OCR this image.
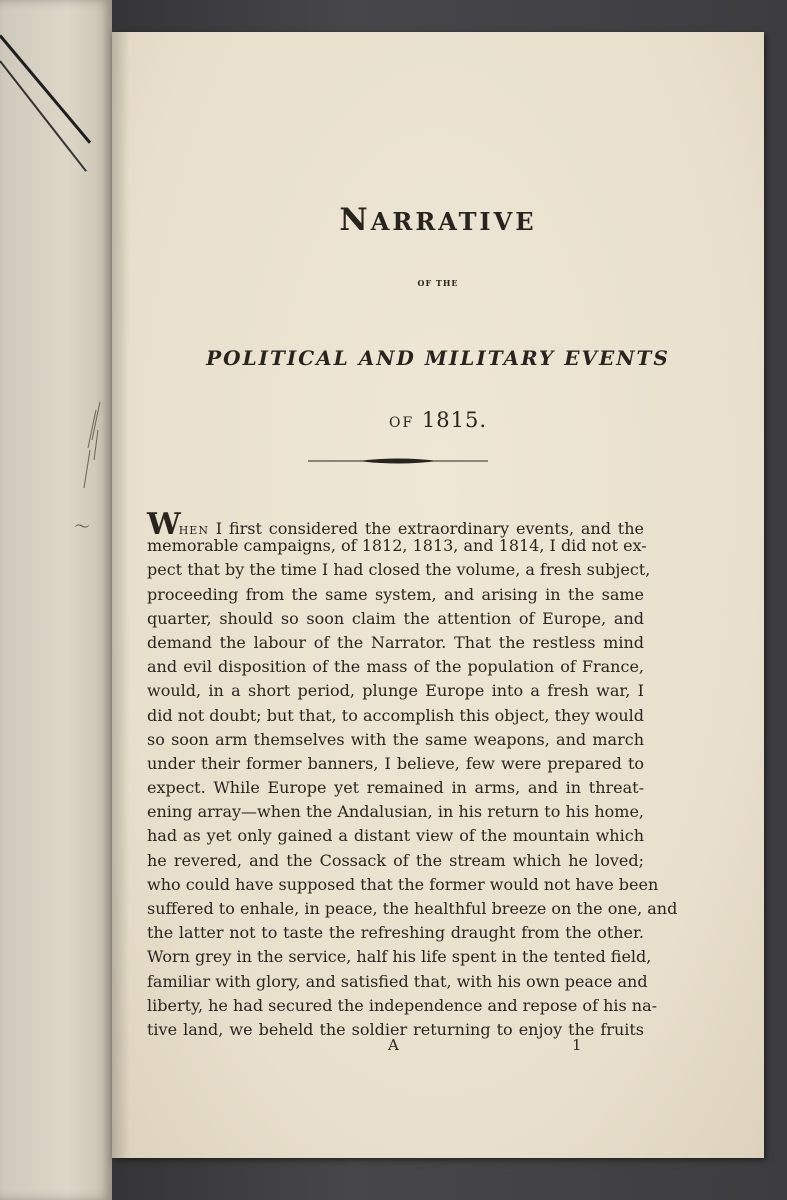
〜
NARRATIVE
OF THE
POLITICAL AND MILITARY EVENTS
OF 1815.
WHEN I first considered the extraordinary events, and the
memorable campaigns, of 1812, 1813, and 1814, I did not ex-
pect that by the time I had closed the volume, a fresh subject,
proceeding from the same system, and arising in the same
quarter, should so soon claim the attention of Europe, and
demand the labour of the Narrator. That the restless mind
and evil disposition of the mass of the population of France,
would, in a short period, plunge Europe into a fresh war, I
did not doubt; but that, to accomplish this object, they would
so soon arm themselves with the same weapons, and march
under their former banners, I believe, few were prepared to
expect. While Europe yet remained in arms, and in threat-
ening array—when the Andalusian, in his return to his home,
had as yet only gained a distant view of the mountain which
he revered, and the Cossack of the stream which he loved;
who could have supposed that the former would not have been
suffered to enhale, in peace, the healthful breeze on the one, and
the latter not to taste the refreshing draught from the other.
Worn grey in the service, half his life spent in the tented field,
familiar with glory, and satisfied that, with his own peace and
liberty, he had secured the independence and repose of his na-
tive land, we beheld the soldier returning to enjoy the fruits
A	1
